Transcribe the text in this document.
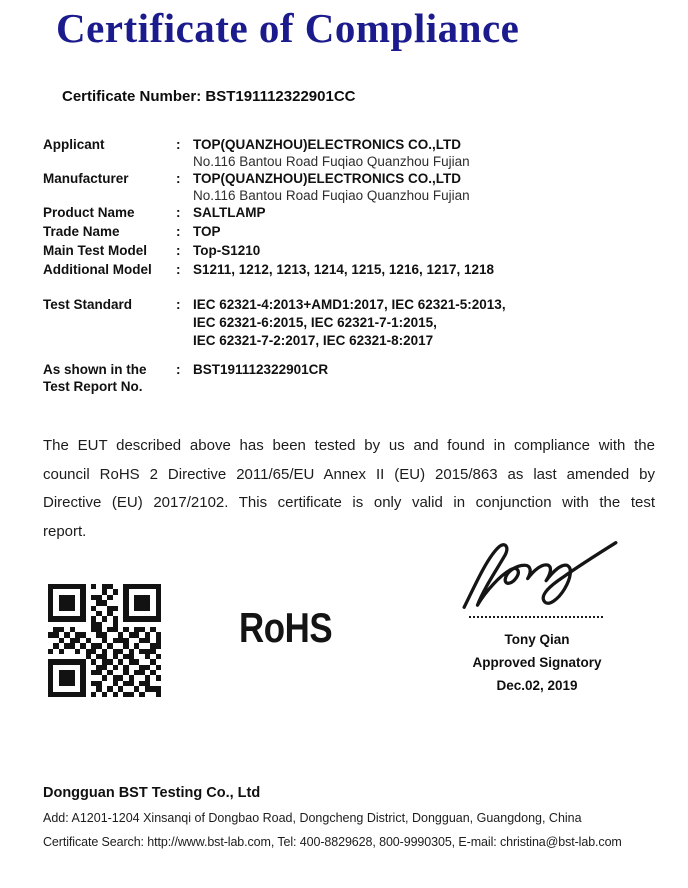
Certificate of Compliance
Certificate Number: BST191112322901CC
Applicant	: TOP(QUANZHOU)ELECTRONICS CO.,LTD
No.116 Bantou Road Fuqiao Quanzhou Fujian
Manufacturer	: TOP(QUANZHOU)ELECTRONICS CO.,LTD
No.116 Bantou Road Fuqiao Quanzhou Fujian
Product Name	: SALTLAMP
Trade Name	: TOP
Main Test Model	: Top-S1210
Additional Model	: S1211, 1212, 1213, 1214, 1215, 1216, 1217, 1218
Test Standard	: IEC 62321-4:2013+AMD1:2017, IEC 62321-5:2013,
IEC 62321-6:2015, IEC 62321-7-1:2015,
IEC 62321-7-2:2017, IEC 62321-8:2017
As shown in the
Test Report No.
: BST191112322901CR
The EUT described above has been tested by us and found in compliance with the
council RoHS 2 Directive 2011/65/EU Annex II (EU) 2015/863 as last amended by
Directive (EU) 2017/2102. This certificate is only valid in conjunction with the test
report.
RoHS	Tony Qian
Approved Signatory
Dec.02, 2019
Dongguan BST Testing Co., Ltd
Add: A1201-1204 Xinsanqi of Dongbao Road, Dongcheng District, Dongguan, Guangdong, China
Certificate Search: http://www.bst-lab.com, Tel: 400-8829628, 800-9990305, E-mail: christina@bst-lab.com
